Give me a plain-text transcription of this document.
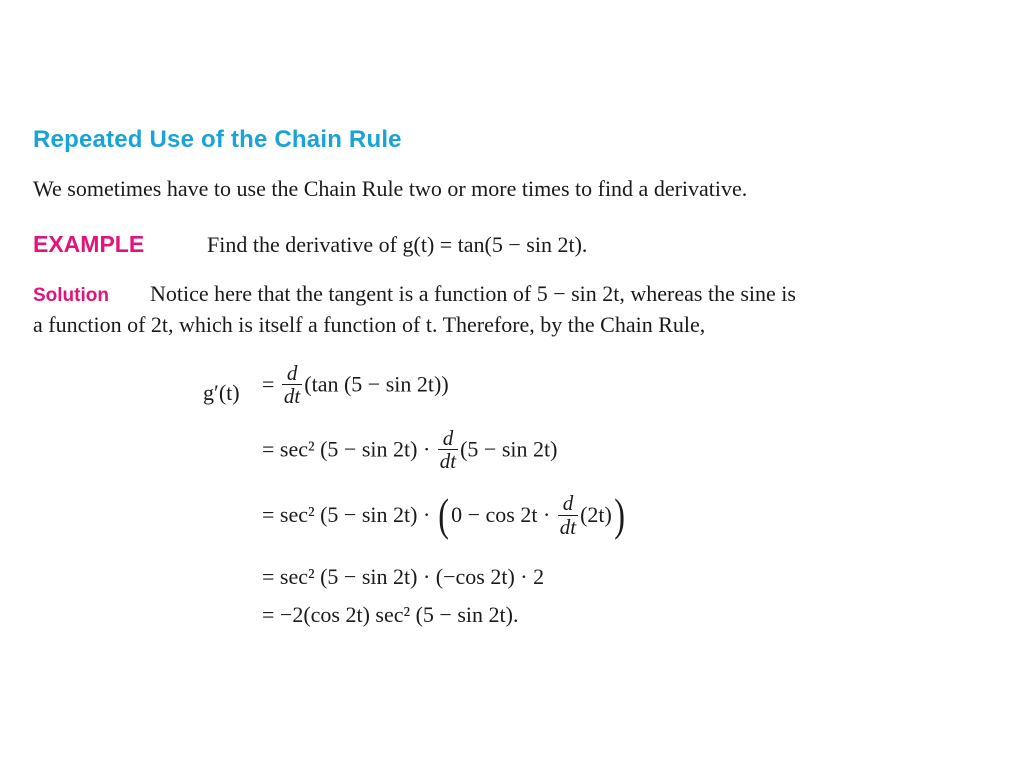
Repeated Use of the Chain Rule
We sometimes have to use the Chain Rule two or more times to find a derivative.
EXAMPLE	Find the derivative of g(t) = tan(5 − sin 2t).
Solution Notice here that the tangent is a function of 5 − sin 2t, whereas the sine is
a function of 2t, which is itself a function of t. Therefore, by the Chain Rule,
$g'(t) = \frac{d}{dt} (\tan$ (5 − sin 2t))
= sec² $(5 - \sin 2t) \cdot \frac{d}{dt} (5 - \sin 2t)$
= sec² (5 − sin 2t) · ( $0 - \cos 2t \cdot \frac{d}{dt} (2t)$)
= sec² (5 − sin 2t) · (−cos 2t) · 2
= −2(cos 2t) sec² (5 − sin 2t).
